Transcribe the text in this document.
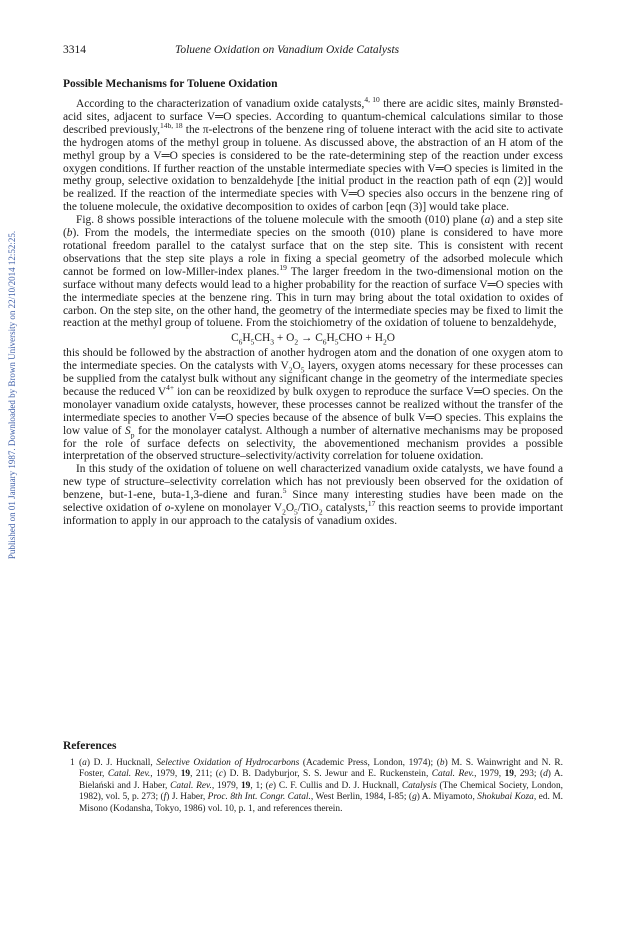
3314	Toluene Oxidation on Vanadium Oxide Catalysts
Published on 01 January 1987. Downloaded by Brown University on 22/10/2014 12:52:25.
Possible Mechanisms for Toluene Oxidation

According to the characterization of vanadium oxide catalysts,$^{4, 10}$ there are acidic sites, mainly Brønsted-acid sites, adjacent to surface V═O species. According to quantum-chemical calculations similar to those described previously,$^{14b, 18}$ the π-electrons of the benzene ring of toluene interact with the acid site to activate the hydrogen atoms of the methyl group in toluene. As discussed above, the abstraction of an H atom of the methyl group by a V═O species is considered to be the rate-determining step of the reaction under excess oxygen conditions. If further reaction of the unstable intermediate species with V═O species is limited in the methy group, selective oxidation to benzaldehyde [the initial product in the reaction path of eqn (2)] would be realized. If the reaction of the intermediate species with V═O species also occurs in the benzene ring of the toluene molecule, the oxidative decomposition to oxides of carbon [eqn (3)] would take place.

Fig. 8 shows possible interactions of the toluene molecule with the smooth (010) plane (a) and a step site (b). From the models, the intermediate species on the smooth (010) plane is considered to have more rotational freedom parallel to the catalyst surface that on the step site. This is consistent with recent observations that the step site plays a role in fixing a special geometry of the adsorbed molecule which cannot be formed on low-Miller-index planes.$^{19}$ The larger freedom in the two-dimensional motion on the surface without many defects would lead to a higher probability for the reaction of surface V═O species with the intermediate species at the benzene ring. This in turn may bring about the total oxidation to oxides of carbon. On the step site, on the other hand, the geometry of the intermediate species may be fixed to limit the reaction at the methyl group of toluene. From the stoichiometry of the oxidation of toluene to benzaldehyde,

$C_6H_5CH_3 + O_2 \to C_6H_5CHO + H_2O$

this should be followed by the abstraction of another hydrogen atom and the donation of one oxygen atom to the intermediate species. On the catalysts with $V_2O_5$ layers, oxygen atoms necessary for these processes can be supplied from the catalyst bulk without any significant change in the geometry of the intermediate species because the reduced $V^{4+}$ ion can be reoxidized by bulk oxygen to reproduce the surface V═O species. On the monolayer vanadium oxide catalysts, however, these processes cannot be realized without the transfer of the intermediate species to another V═O species because of the absence of bulk V═O species. This explains the low value of $S_p$ for the monolayer catalyst. Although a number of alternative mechanisms may be proposed for the role of surface defects on selectivity, the abovementioned mechanism provides a possible interpretation of the observed structure–selectivity/activity correlation for toluene oxidation.

In this study of the oxidation of toluene on well characterized vanadium oxide catalysts, we have found a new type of structure–selectivity correlation which has not previously been observed for the oxidation of benzene, but-1-ene, buta-1,3-diene and furan.$^5$ Since many interesting studies have been made on the selective oxidation of o-xylene on monolayer $V_2O_5/TiO_2$ catalysts,$^{17}$ this reaction seems to provide important information to apply in our approach to the catalysis of vanadium oxides.

References
1 (a) D. J. Hucknall, Selective Oxidation of Hydrocarbons (Academic Press, London, 1974); (b) M. S. Wainwright and N. R. Foster, Catal. Rev., 1979, 19, 211; (c) D. B. Dadyburjor, S. S. Jewur and E. Ruckenstein, Catal. Rev., 1979, 19, 293; (d) A. Bielański and J. Haber, Catal. Rev., 1979, 19, 1; (e) C. F. Cullis and D. J. Hucknall, Catalysis (The Chemical Society, London, 1982), vol. 5, p. 273; (f) J. Haber, Proc. 8th Int. Congr. Catal., West Berlin, 1984, I-85; (g) A. Miyamoto, Shokubai Koza, ed. M. Misono (Kodansha, Tokyo, 1986) vol. 10, p. 1, and references therein.
